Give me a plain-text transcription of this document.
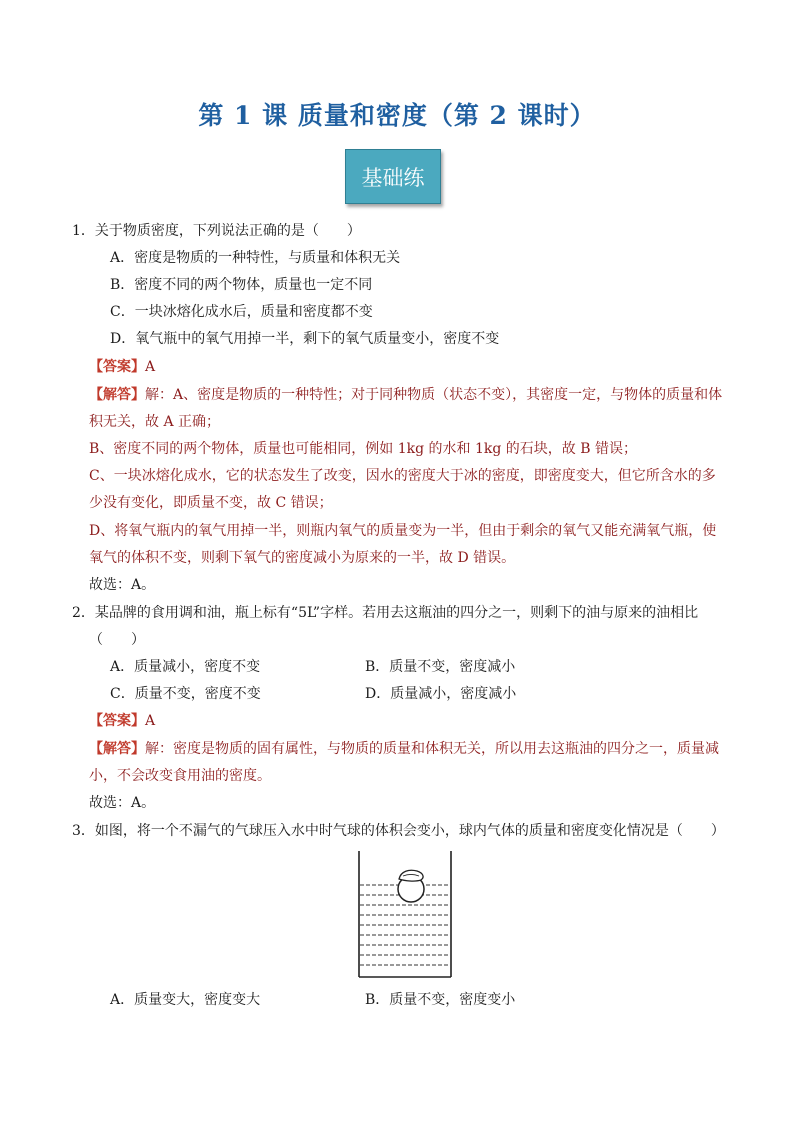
第 1 课 质量和密度（第 2 课时）
基础练
1．关于物质密度，下列说法正确的是（　　）
A．密度是物质的一种特性，与质量和体积无关
B．密度不同的两个物体，质量也一定不同
C．一块冰熔化成水后，质量和密度都不变
D．氧气瓶中的氧气用掉一半，剩下的氧气质量变小，密度不变
【答案】A
【解答】解：A、密度是物质的一种特性；对于同种物质（状态不变），其密度一定，与物体的质量和体
积无关，故 A 正确；
B、密度不同的两个物体，质量也可能相同，例如 1kg 的水和 1kg 的石块，故 B 错误；
C、一块冰熔化成水，它的状态发生了改变，因水的密度大于冰的密度，即密度变大，但它所含水的多
少没有变化，即质量不变，故 C 错误；
D、将氧气瓶内的氧气用掉一半，则瓶内氧气的质量变为一半，但由于剩余的氧气又能充满氧气瓶，使
氧气的体积不变，则剩下氧气的密度减小为原来的一半，故 D 错误。
故选：A。
2．某品牌的食用调和油，瓶上标有“5L”字样。若用去这瓶油的四分之一，则剩下的油与原来的油相比
（　　）
A．质量减小，密度不变	B．质量不变，密度减小
C．质量不变，密度不变	D．质量减小，密度减小
【答案】A
【解答】解：密度是物质的固有属性，与物质的质量和体积无关，所以用去这瓶油的四分之一，质量减
小，不会改变食用油的密度。
故选：A。
3．如图，将一个不漏气的气球压入水中时气球的体积会变小，球内气体的质量和密度变化情况是（　　）
A．质量变大，密度变大	B．质量不变，密度变小
